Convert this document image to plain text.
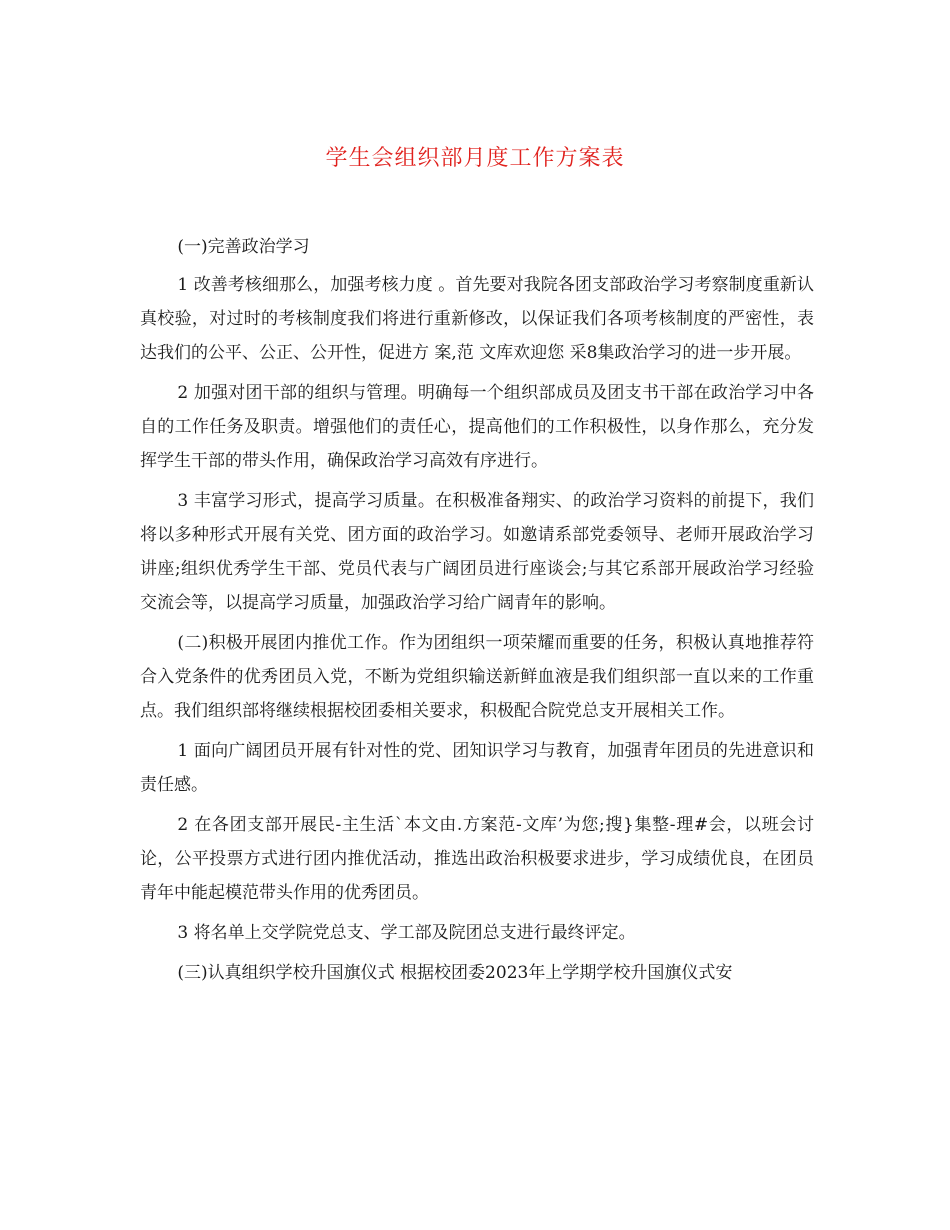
学生会组织部月度工作方案表

(一)完善政治学习

1 改善考核细那么，加强考核力度 。首先要对我院各团支部政治学习考察制度重新认真校验，对过时的考核制度我们将进行重新修改，以保证我们各项考核制度的严密性，表达我们的公平、公正、公开性，促进方 案,范 文库欢迎您 采8集政治学习的进一步开展。

2 加强对团干部的组织与管理。明确每一个组织部成员及团支书干部在政治学习中各自的工作任务及职责。增强他们的责任心，提高他们的工作积极性，以身作那么，充分发挥学生干部的带头作用，确保政治学习高效有序进行。

3 丰富学习形式，提高学习质量。在积极准备翔实、的政治学习资料的前提下，我们将以多种形式开展有关党、团方面的政治学习。如邀请系部党委领导、老师开展政治学习讲座;组织优秀学生干部、党员代表与广阔团员进行座谈会;与其它系部开展政治学习经验交流会等，以提高学习质量，加强政治学习给广阔青年的影响。

(二)积极开展团内推优工作。作为团组织一项荣耀而重要的任务，积极认真地推荐符合入党条件的优秀团员入党，不断为党组织输送新鲜血液是我们组织部一直以来的工作重点。我们组织部将继续根据校团委相关要求，积极配合院党总支开展相关工作。

1 面向广阔团员开展有针对性的党、团知识学习与教育，加强青年团员的先进意识和责任感。

2 在各团支部开展民-主生活`本文由.方案范-文库’为您;搜}集整-理#会，以班会讨论，公平投票方式进行团内推优活动，推选出政治积极要求进步，学习成绩优良，在团员青年中能起模范带头作用的优秀团员。

3 将名单上交学院党总支、学工部及院团总支进行最终评定。

(三)认真组织学校升国旗仪式 根据校团委2023年上学期学校升国旗仪式安
